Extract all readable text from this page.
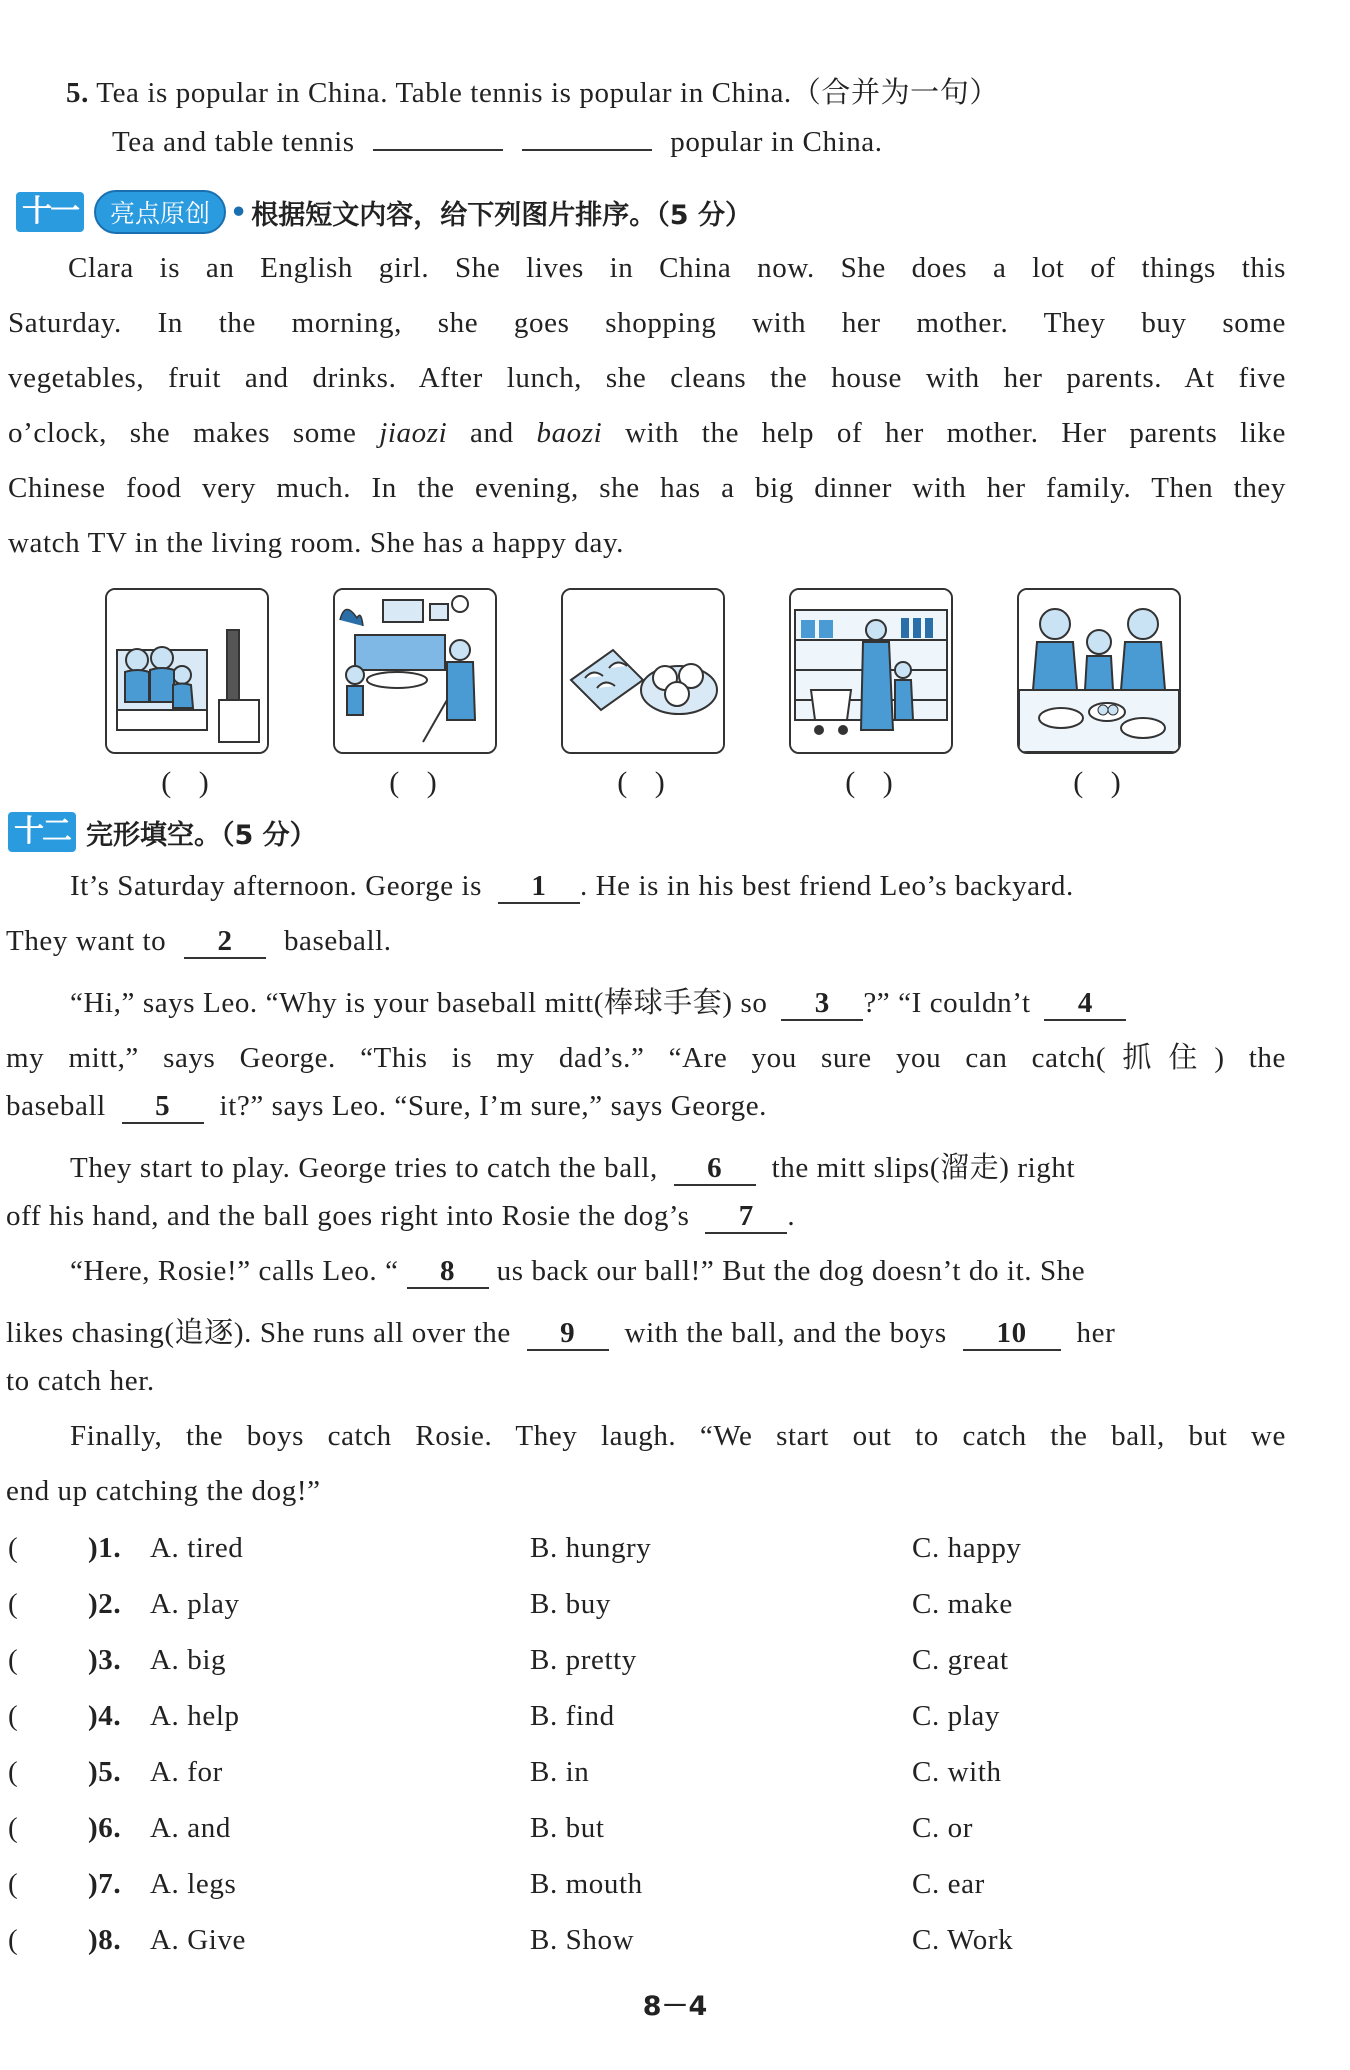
5. Tea is popular in China. Table tennis is popular in China.（合并为一句）
Tea and table tennis	popular in China.
十一	亮点原创 • 根据短文内容，给下列图片排序。（5 分）
Clara is an English girl. She lives in China now. She does a lot of things this
Saturday. In the morning, she goes shopping with her mother. They buy some
vegetables, fruit and drinks. After lunch, she cleans the house with her parents. At five
o’clock, she makes some jiaozi and baozi with the help of her mother. Her parents like
Chinese food very much. In the evening, she has a big dinner with her family. Then they
watch TV in the living room. She has a happy day.
( )	( )	( )	( )	( )
十二 完形填空。（5 分）
It’s Saturday afternoon. George is 1 . He is in his best friend Leo’s backyard.
They want to 2 baseball.
“Hi,” says Leo. “Why is your baseball mitt(棒球手套) so 3 ?” “I couldn’t 4
my mitt,” says George. “This is my dad’s.” “Are you sure you can catch(抓住) the
baseball 5 it?” says Leo. “Sure, I’m sure,” says George.
They start to play. George tries to catch the ball, 6 the mitt slips(溜走) right
off his hand, and the ball goes right into Rosie the dog’s 7 .
“Here, Rosie!” calls Leo. “ 8 us back our ball!” But the dog doesn’t do it. She
likes chasing(追逐). She runs all over the 9 with the ball, and the boys 10 her
to catch her.
Finally, the boys catch Rosie. They laugh. “We start out to catch the ball, but we
end up catching the dog!”
( )1. A. tired	B. hungry	C. happy
( )2. A. play	B. buy	C. make
( )3. A. big	B. pretty	C. great
( )4. A. help	B. find	C. play
( )5. A. for	B. in	C. with
( )6. A. and	B. but	C. or
( )7. A. legs	B. mouth	C. ear
( )8. A. Give	B. Show	C. Work
8－4
